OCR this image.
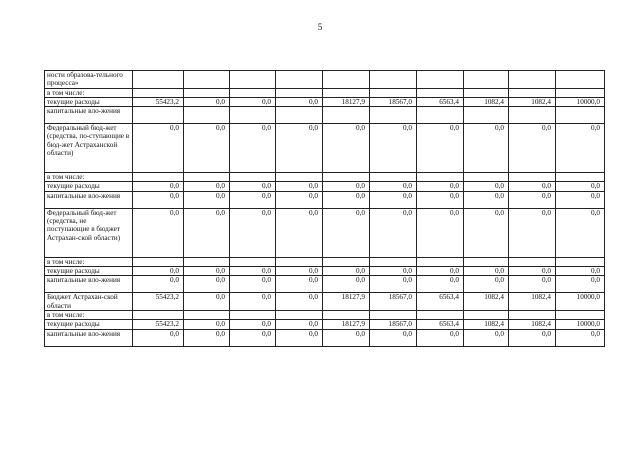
5
ности образова-тельного процесса»										
в том числе:										
текущие расходы	55423,2	0,0	0,0	0,0	18127,9	18567,0	6563,4	1082,4	1082,4	10000,0
капитальные вло-жения										
Федеральный бюд-жет (средства, по-ступающие в бюд-жет Астраханской области)	0,0	0,0	0,0	0,0	0,0	0,0	0,0	0,0	0,0	0,0
в том числе:										
текущие расходы	0,0	0,0	0,0	0,0	0,0	0,0	0,0	0,0	0,0	0,0
капитальные вло-жения	0,0	0,0	0,0	0,0	0,0	0,0	0,0	0,0	0,0	0,0
Федеральный бюд-жет (средства, не поступающие в бюджет Астрахан-ской области)	0,0	0,0	0,0	0,0	0,0	0,0	0,0	0,0	0,0	0,0
в том числе:										
текущие расходы	0,0	0,0	0,0	0,0	0,0	0,0	0,0	0,0	0,0	0,0
капитальные вло-жения	0,0	0,0	0,0	0,0	0,0	0,0	0,0	0,0	0,0	0,0
Бюджет Астрахан-ской области	55423,2	0,0	0,0	0,0	18127,9	18567,0	6563,4	1082,4	1082,4	10000,0
в том числе:										
текущие расходы	55423,2	0,0	0,0	0,0	18127,9	18567,0	6563,4	1082,4	1082,4	10000,0
капитальные вло-жения	0,0	0,0	0,0	0,0	0,0	0,0	0,0	0,0	0,0	0,0
